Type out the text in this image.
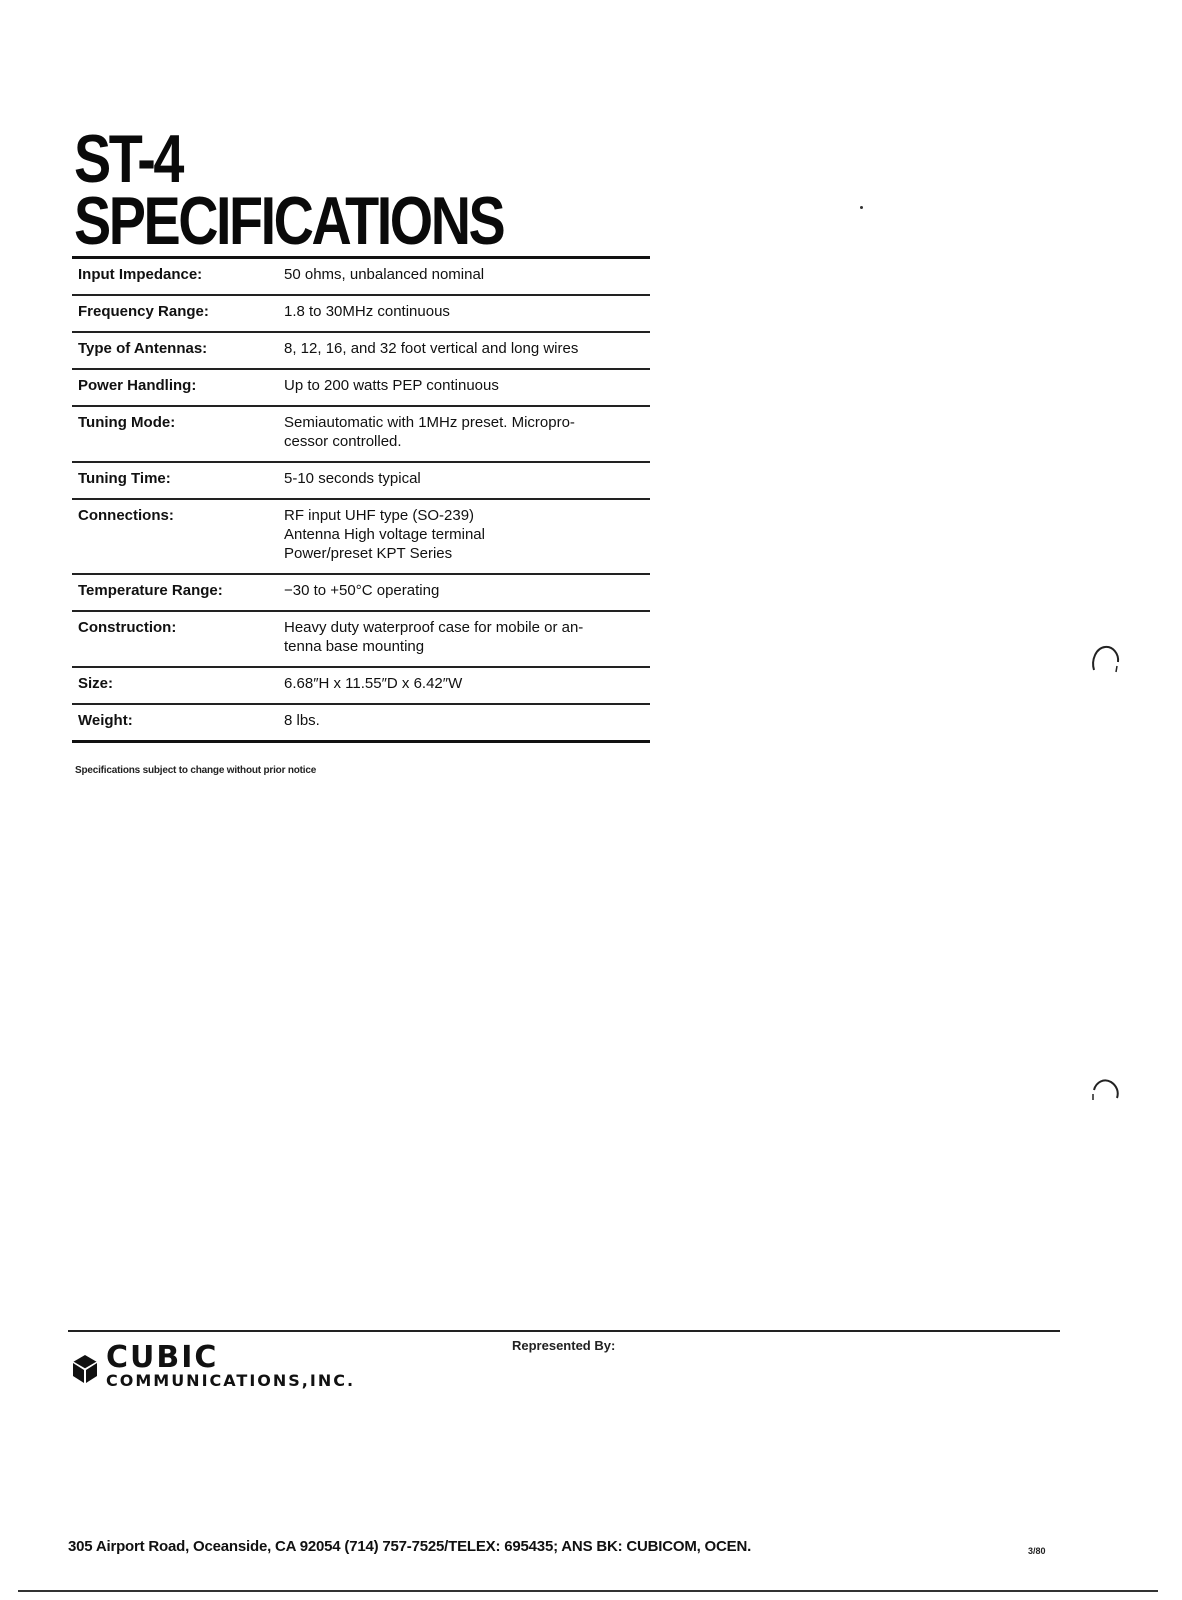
ST-4
SPECIFICATIONS
Input Impedance:	50 ohms, unbalanced nominal

Frequency Range:	1.8 to 30MHz continuous

Type of Antennas:	8, 12, 16, and 32 foot vertical and long wires

Power Handling:	Up to 200 watts PEP continuous

Tuning Mode:	Semiautomatic with 1MHz preset. Micropro-
cessor controlled.

Tuning Time:	5-10 seconds typical

Connections:	RF input UHF type (SO-239)
Antenna High voltage terminal
Power/preset KPT Series

Temperature Range:	−30 to +50°C operating

Construction:	Heavy duty waterproof case for mobile or an-
tenna base mounting

Size:	6.68″H x 11.55″D x 6.42″W

Weight:	8 lbs.
Specifications subject to change without prior notice
CUBIC
COMMUNICATIONS,INC.
Represented By:
305 Airport Road, Oceanside, CA 92054 (714) 757-7525/TELEX: 695435; ANS BK: CUBICOM, OCEN.	3/80
